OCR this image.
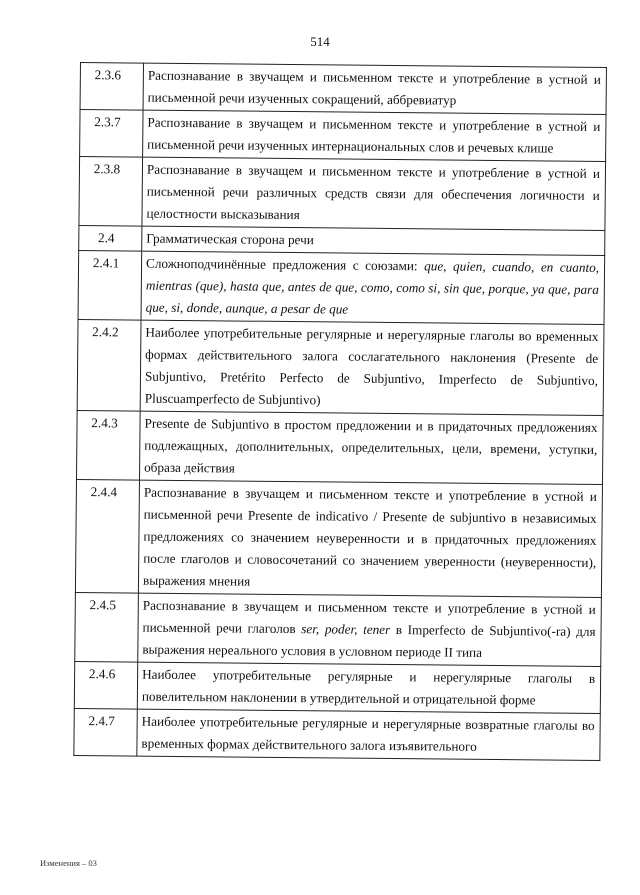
514
2.3.6	Распознавание в звучащем и письменном тексте и употребление в устной и письменной речи изученных сокращений, аббревиатур
2.3.7	Распознавание в звучащем и письменном тексте и употребление в устной и письменной речи изученных интернациональных слов и речевых клише
2.3.8	Распознавание в звучащем и письменном тексте и употребление в устной и письменной речи различных средств связи для обеспечения логичности и целостности высказывания
2.4	Грамматическая сторона речи
2.4.1	Сложноподчинённые предложения с союзами: que, quien, cuando, en cuanto, mientras (que), hasta que, antes de que, como, como si, sin que, porque, ya que, para que, si, donde, aunque, a pesar de que
2.4.2	Наиболее употребительные регулярные и нерегулярные глаголы во временных формах действительного залога сослагательного наклонения (Presente de Subjuntivo, Pretérito Perfecto de Subjuntivo, Imperfecto de Subjuntivo, Pluscuamperfecto de Subjuntivo)
2.4.3	Presente de Subjuntivo в простом предложении и в придаточных предложениях подлежащных, дополнительных, определительных, цели, времени, уступки, образа действия
2.4.4	Распознавание в звучащем и письменном тексте и употребление в устной и письменной речи Presente de indicativo / Presente de subjuntivo в независимых предложениях со значением неуверенности и в придаточных предложениях после глаголов и словосочетаний со значением уверенности (неуверенности), выражения мнения
2.4.5	Распознавание в звучащем и письменном тексте и употребление в устной и письменной речи глаголов ser, poder, tener в Imperfecto de Subjuntivo(-ra) для выражения нереального условия в условном периоде II типа
2.4.6	Наиболее употребительные регулярные и нерегулярные глаголы в повелительном наклонении в утвердительной и отрицательной форме
2.4.7	Наиболее употребительные регулярные и нерегулярные возвратные глаголы во временных формах действительного залога изъявительного
Изменения – 03
